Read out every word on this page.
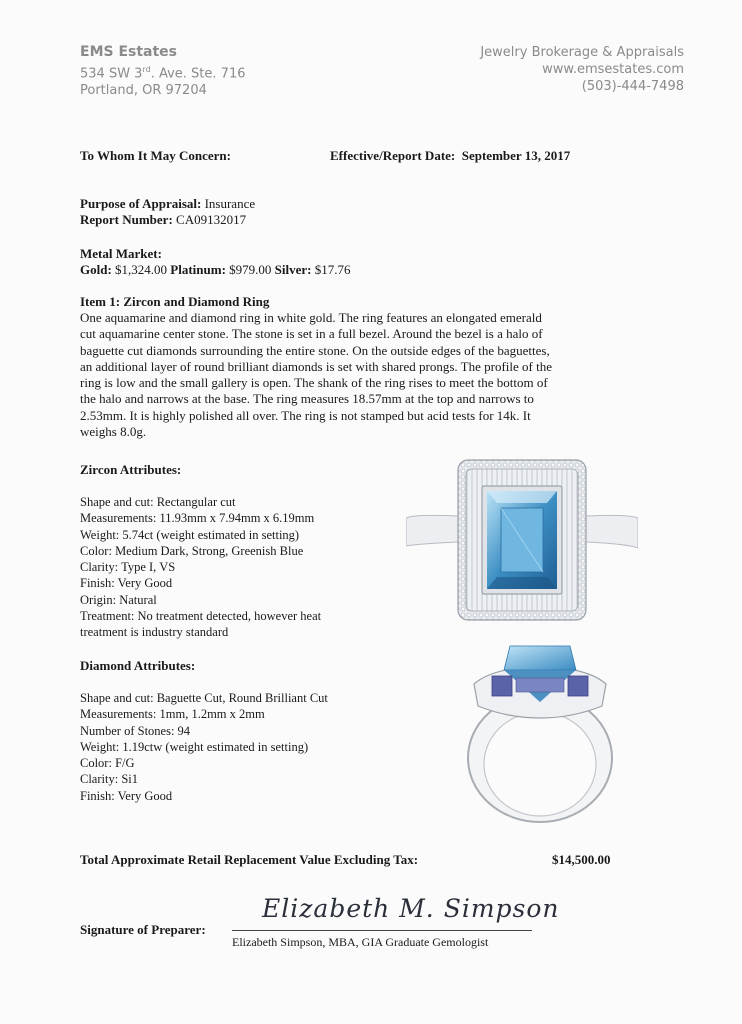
EMS Estates
534 SW 3rd. Ave. Ste. 716
Portland, OR 97204
Jewelry Brokerage & Appraisals
www.emsestates.com
(503)-444-7498
To Whom It May Concern:	Effective/Report Date: September 13, 2017
Purpose of Appraisal: Insurance
Report Number: CA09132017
Metal Market:
Gold: $1,324.00 Platinum: $979.00 Silver: $17.76
Item 1: Zircon and Diamond Ring
One aquamarine and diamond ring in white gold. The ring features an elongated emerald
cut aquamarine center stone. The stone is set in a full bezel. Around the bezel is a halo of
baguette cut diamonds surrounding the entire stone. On the outside edges of the baguettes,
an additional layer of round brilliant diamonds is set with shared prongs. The profile of the
ring is low and the small gallery is open. The shank of the ring rises to meet the bottom of
the halo and narrows at the base. The ring measures 18.57mm at the top and narrows to
2.53mm. It is highly polished all over. The ring is not stamped but acid tests for 14k. It
weighs 8.0g.
Zircon Attributes:
Shape and cut: Rectangular cut
Measurements: 11.93mm x 7.94mm x 6.19mm
Weight: 5.74ct (weight estimated in setting)
Color: Medium Dark, Strong, Greenish Blue
Clarity: Type I, VS
Finish: Very Good
Origin: Natural
Treatment: No treatment detected, however heat
treatment is industry standard
Diamond Attributes:
Shape and cut: Baguette Cut, Round Brilliant Cut
Measurements: 1mm, 1.2mm x 2mm
Number of Stones: 94
Weight: 1.19ctw (weight estimated in setting)
Color: F/G
Clarity: Si1
Finish: Very Good
Total Approximate Retail Replacement Value Excluding Tax:	$14,500.00
Signature of Preparer:
Elizabeth M. Simpson
Elizabeth Simpson, MBA, GIA Graduate Gemologist
